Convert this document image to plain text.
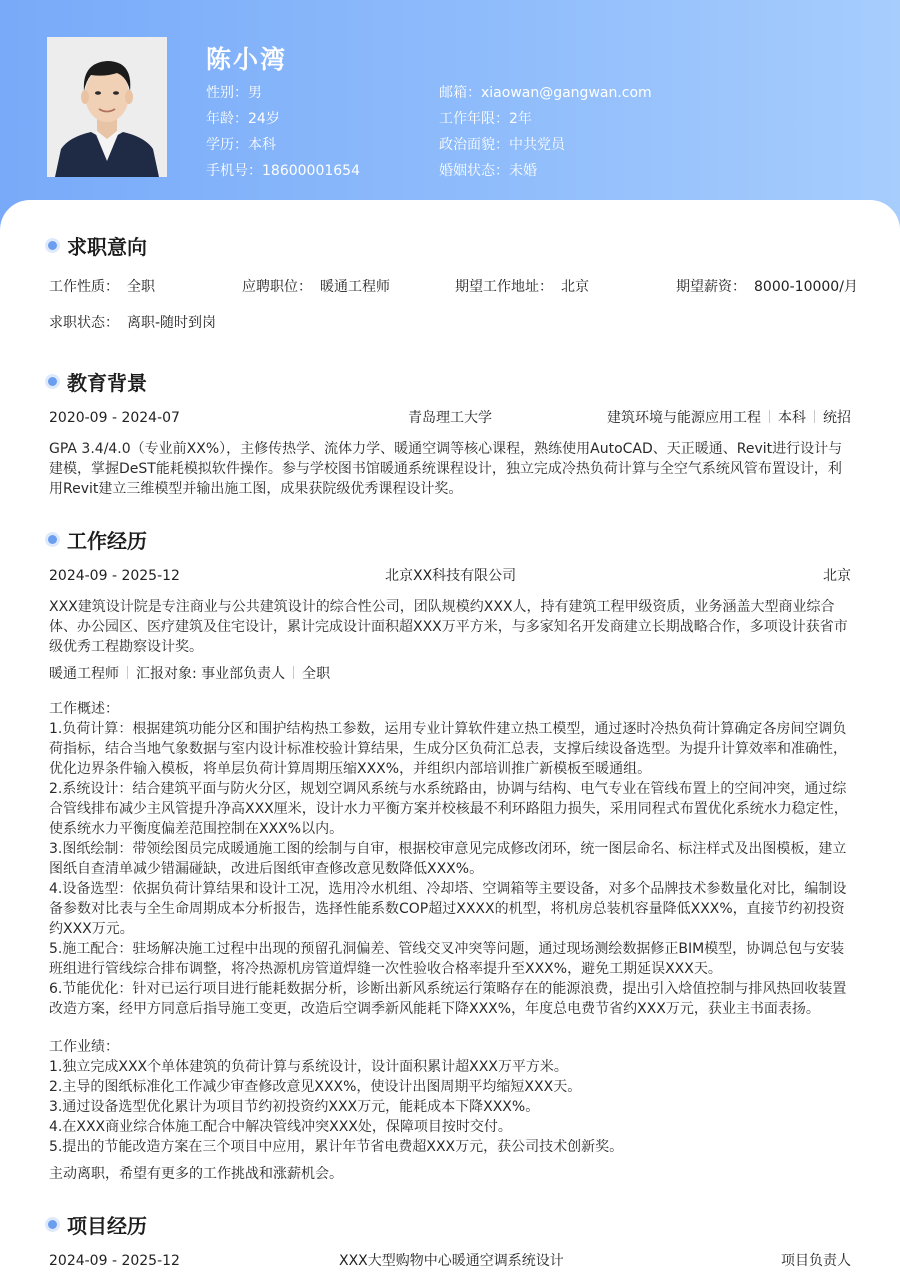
陈小湾
性别：男
年龄：24岁
学历：本科
手机号：18600001654
邮箱：xiaowan@gangwan.com
工作年限：2年
政治面貌：中共党员
婚姻状态：未婚
求职意向
工作性质： 全职	应聘职位： 暖通工程师	期望工作地址： 北京	期望薪资： 8000-10000/月
求职状态： 离职-随时到岗
教育背景
2020-09 - 2024-07	青岛理工大学	建筑环境与能源应用工程 本科 统招
GPA 3.4/4.0（专业前XX%），主修传热学、流体力学、暖通空调等核心课程，熟练使用AutoCAD、天正暖通、Revit进行设计与建模，掌握DeST能耗模拟软件操作。参与学校图书馆暖通系统课程设计，独立完成冷热负荷计算与全空气系统风管布置设计，利用Revit建立三维模型并输出施工图，成果获院级优秀课程设计奖。
工作经历
2024-09 - 2025-12	北京XX科技有限公司	北京
XXX建筑设计院是专注商业与公共建筑设计的综合性公司，团队规模约XXX人，持有建筑工程甲级资质，业务涵盖大型商业综合体、办公园区、医疗建筑及住宅设计，累计完成设计面积超XXX万平方米，与多家知名开发商建立长期战略合作，多项设计获省市级优秀工程勘察设计奖。
暖通工程师 汇报对象: 事业部负责人 全职
工作概述：
1.负荷计算：根据建筑功能分区和围护结构热工参数，运用专业计算软件建立热工模型，通过逐时冷热负荷计算确定各房间空调负荷指标，结合当地气象数据与室内设计标准校验计算结果，生成分区负荷汇总表，支撑后续设备选型。为提升计算效率和准确性，优化边界条件输入模板，将单层负荷计算周期压缩XXX%，并组织内部培训推广新模板至暖通组。
2.系统设计：结合建筑平面与防火分区，规划空调风系统与水系统路由，协调与结构、电气专业在管线布置上的空间冲突，通过综合管线排布减少主风管提升净高XXX厘米，设计水力平衡方案并校核最不利环路阻力损失，采用同程式布置优化系统水力稳定性，使系统水力平衡度偏差范围控制在XXX%以内。
3.图纸绘制：带领绘图员完成暖通施工图的绘制与自审，根据校审意见完成修改闭环，统一图层命名、标注样式及出图模板，建立图纸自查清单减少错漏碰缺，改进后图纸审查修改意见数降低XXX%。
4.设备选型：依据负荷计算结果和设计工况，选用冷水机组、冷却塔、空调箱等主要设备，对多个品牌技术参数量化对比，编制设备参数对比表与全生命周期成本分析报告，选择性能系数COP超过XXXX的机型，将机房总装机容量降低XXX%，直接节约初投资约XXX万元。
5.施工配合：驻场解决施工过程中出现的预留孔洞偏差、管线交叉冲突等问题，通过现场测绘数据修正BIM模型，协调总包与安装班组进行管线综合排布调整，将冷热源机房管道焊缝一次性验收合格率提升至XXX%，避免工期延误XXX天。
6.节能优化：针对已运行项目进行能耗数据分析，诊断出新风系统运行策略存在的能源浪费，提出引入焓值控制与排风热回收装置改造方案，经甲方同意后指导施工变更，改造后空调季新风能耗下降XXX%，年度总电费节省约XXX万元，获业主书面表扬。
工作业绩：
1.独立完成XXX个单体建筑的负荷计算与系统设计，设计面积累计超XXX万平方米。
2.主导的图纸标准化工作减少审查修改意见XXX%，使设计出图周期平均缩短XXX天。
3.通过设备选型优化累计为项目节约初投资约XXX万元，能耗成本下降XXX%。
4.在XXX商业综合体施工配合中解决管线冲突XXX处，保障项目按时交付。
5.提出的节能改造方案在三个项目中应用，累计年节省电费超XXX万元，获公司技术创新奖。
主动离职，希望有更多的工作挑战和涨薪机会。
项目经历
2024-09 - 2025-12	XXX大型购物中心暖通空调系统设计	项目负责人
